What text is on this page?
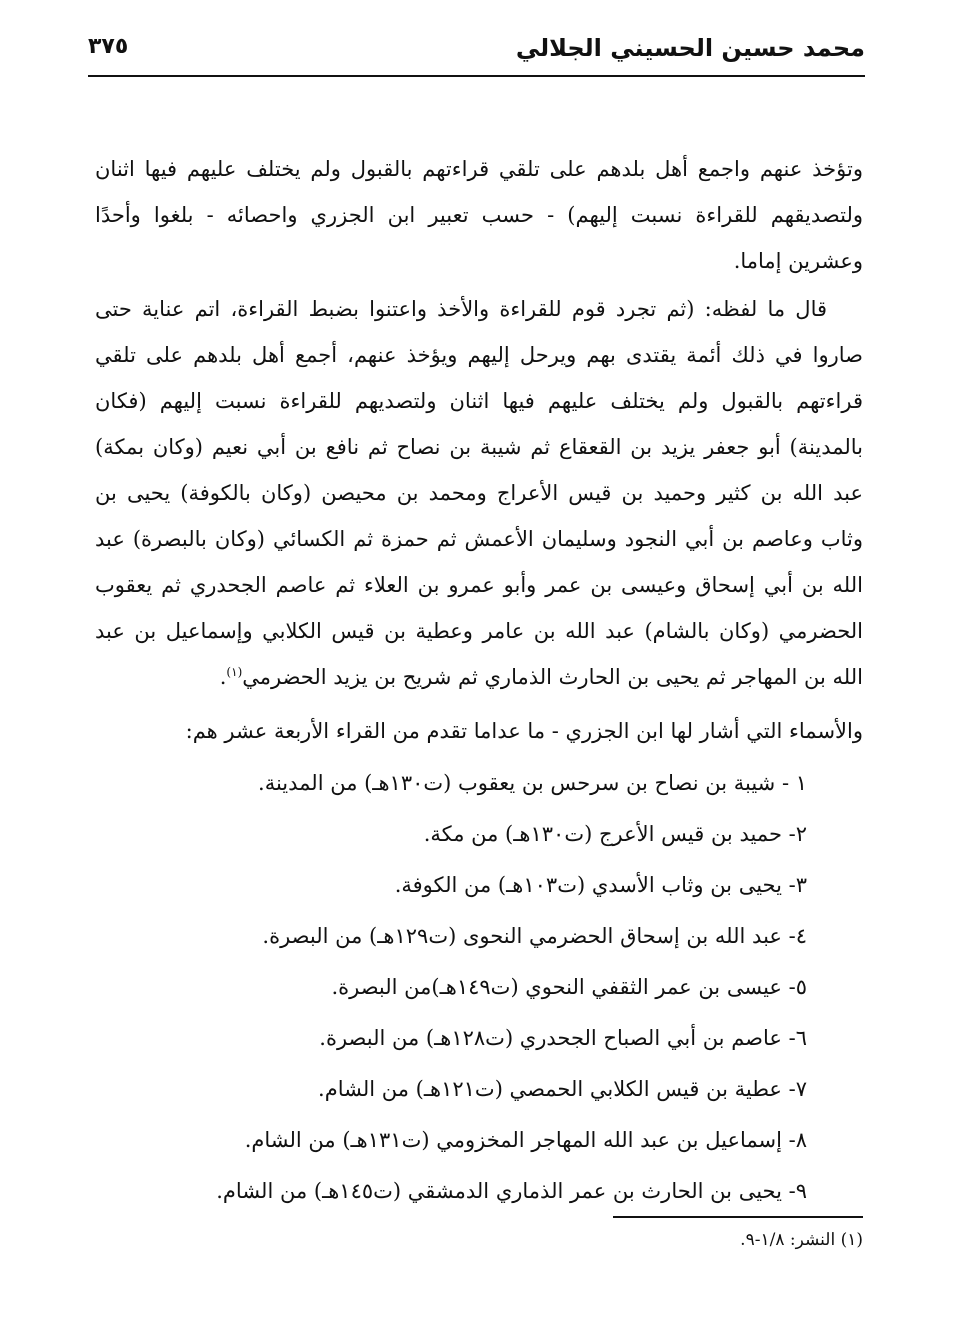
محمد حسين الحسيني الجلالي
٣٧٥

وتؤخذ عنهم واجمع أهل بلدهم على تلقي قراءتهم بالقبول ولم يختلف عليهم فيها اثنان ولتصديقهم للقراءة نسبت إليهم) - حسب تعبير ابن الجزري واحصائه - بلغوا وأحدًا وعشرين إماما.

قال ما لفظه: (ثم تجرد قوم للقراءة والأخذ واعتنوا بضبط القراءة، اتم عناية حتى صاروا في ذلك أئمة يقتدى بهم ويرحل إليهم ويؤخذ عنهم، أجمع أهل بلدهم على تلقي قراءتهم بالقبول ولم يختلف عليهم فيها اثنان ولتصديهم للقراءة نسبت إليهم (فكان بالمدينة) أبو جعفر يزيد بن القعقاع ثم شيبة بن نصاح ثم نافع بن أبي نعيم (وكان بمكة) عبد الله بن كثير وحميد بن قيس الأعراج ومحمد بن محيصن (وكان بالكوفة) يحيى بن وثاب وعاصم بن أبي النجود وسليمان الأعمش ثم حمزة ثم الكسائي (وكان بالبصرة) عبد الله بن أبي إسحاق وعيسى بن عمر وأبو عمرو بن العلاء ثم عاصم الجحدري ثم يعقوب الحضرمي (وكان بالشام) عبد الله بن عامر وعطية بن قيس الكلابي وإسماعيل بن عبد الله بن المهاجر ثم يحيى بن الحارث الذماري ثم شريح بن يزيد الحضرمي$^{(١)}$.

والأسماء التي أشار لها ابن الجزري - ما عداما تقدم من القراء الأربعة عشر هم:

١ - شيبة بن نصاح بن سرحس بن يعقوب (ت١٣٠هـ) من المدينة.
٢- حميد بن قيس الأعرج (ت١٣٠هـ) من مكة.
٣- يحيى بن وثاب الأسدي (ت١٠٣هـ) من الكوفة.
٤- عبد الله بن إسحاق الحضرمي النحوى (ت١٢٩هـ) من البصرة.
٥- عيسى بن عمر الثقفي النحوي (ت١٤٩هـ)من البصرة.
٦- عاصم بن أبي الصباح الجحدري (ت١٢٨هـ) من البصرة.
٧- عطية بن قيس الكلابي الحمصي (ت١٢١هـ) من الشام.
٨- إسماعيل بن عبد الله المهاجر المخزومي (ت١٣١هـ) من الشام.
٩- يحيى بن الحارث بن عمر الذماري الدمشقي (ت١٤٥هـ) من الشام.
(١) النشر: ١/٨-٩.
